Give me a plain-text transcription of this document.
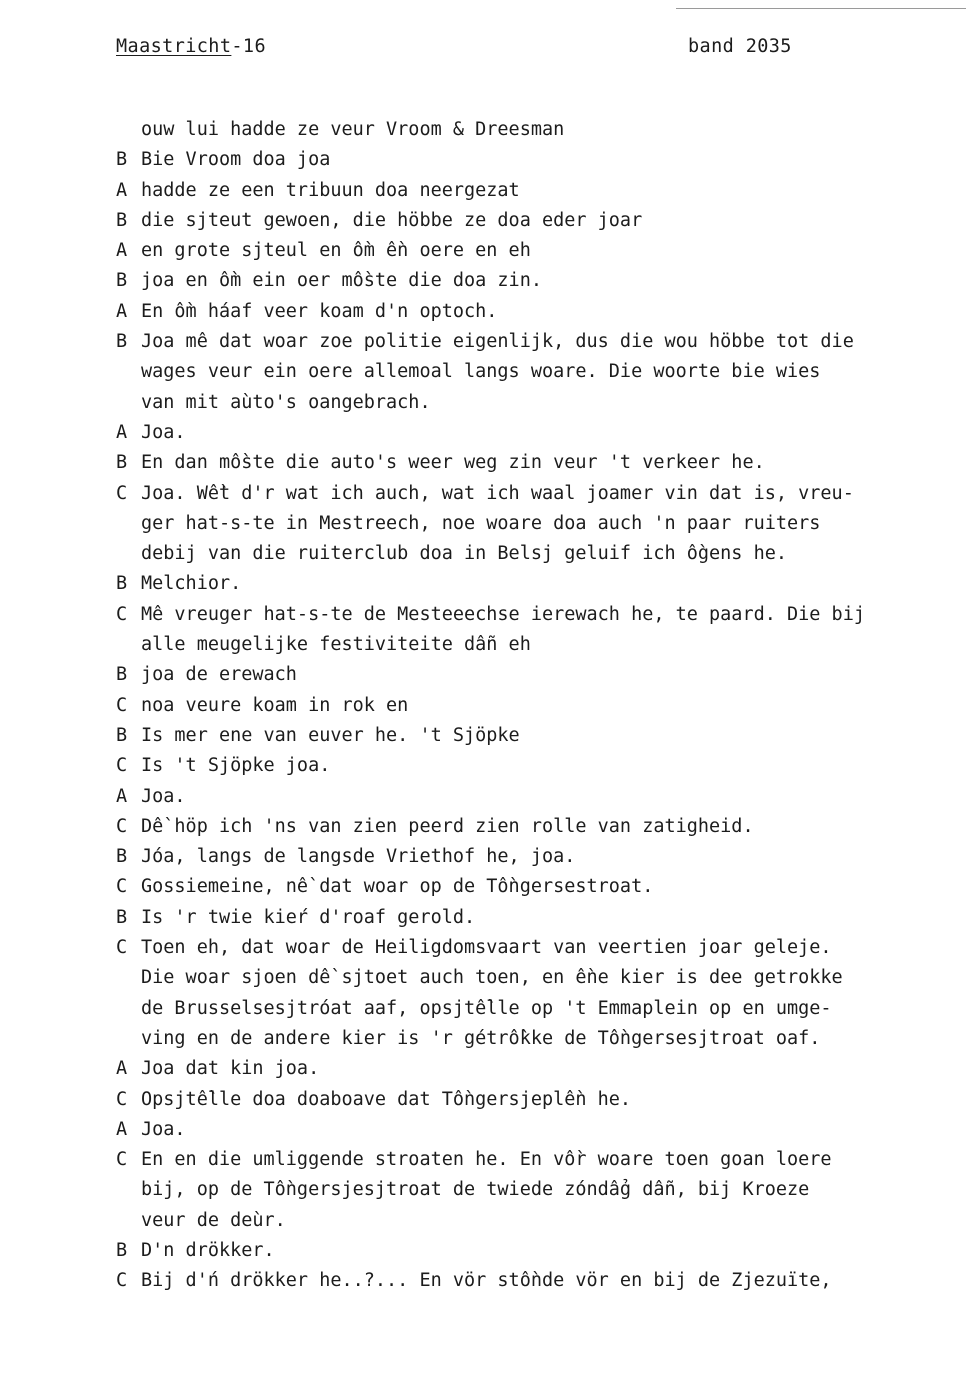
Maastricht-16	band 2035
ouw lui hadde ze veur Vroom & Dreesman
B Bie Vroom doa joa
A hadde ze een tribuun doa neergezat
B die sjteut gewoen, die höbbe ze doa eder joar
A en grote sjteul en ồm ền oere en eh
B joa en ồm ein oer mồste die doa zin.
A En ồm háaf veer koam d'n optoch.
B Joa mê dat woar zoe politie eigenlijk, dus die wou höbbe tot die
wages veur ein oere allemoal langs woare. Die woorte bie wies
van mit aùto's oangebrach.
A Joa.
B En dan mồste die auto's weer weg zin veur 't verkeer he.
C Joa. Wềt d'r wat ich auch, wat ich waal joamer vin dat is, vreu-
ger hat-s-te in Mestreech, noe woare doa auch 'n paar ruiters
debij van die ruiterclub doa in Belsj geluif ich ồgens he.
B Melchior.
C Mê vreuger hat-s-te de Mesteeechse ierewach he, te paard. Die bij
alle meugelijke festiviteite dẫn eh
B joa de erewach
C noa veure koam in rok en
B Is mer ene van euver he. 't Sjöpke
C Is 't Sjöpke joa.
A Joa.
C Dề höp ich 'ns van zien peerd zien rolle van zatigheid.
B Jóa, langs de langsde Vriethof he, joa.
C Gossiemeine, nề dat woar op de Tồngersestroat.
B Is 'r twie kieŕ d'roaf gerold.
C Toen eh, dat woar de Heiligdomsvaart van veertien joar geleje.
Die woar sjoen dề sjtoet auch toen, en ềne kier is dee getrokke
de Brusselsesjtróat aaf, opsjtềlle op 't Emmaplein op en umge-
ving en de andere kier is 'r gétrồkke de Tồngersesjtroat oaf.
A Joa dat kin joa.
C Opsjtềlle doa doaboave dat Tồngersjeplền he.
A Joa.
C En en die umliggende stroaten he. En vồr woare toen goan loere
bij, op de Tồngersjesjtroat de twiede zóndẩg dẫn, bij Kroeze
veur de deùr.
B D'n drökker.
C Bij d'ń drökker he..?... En vör stồnde vör en bij de Zjezuïte,
